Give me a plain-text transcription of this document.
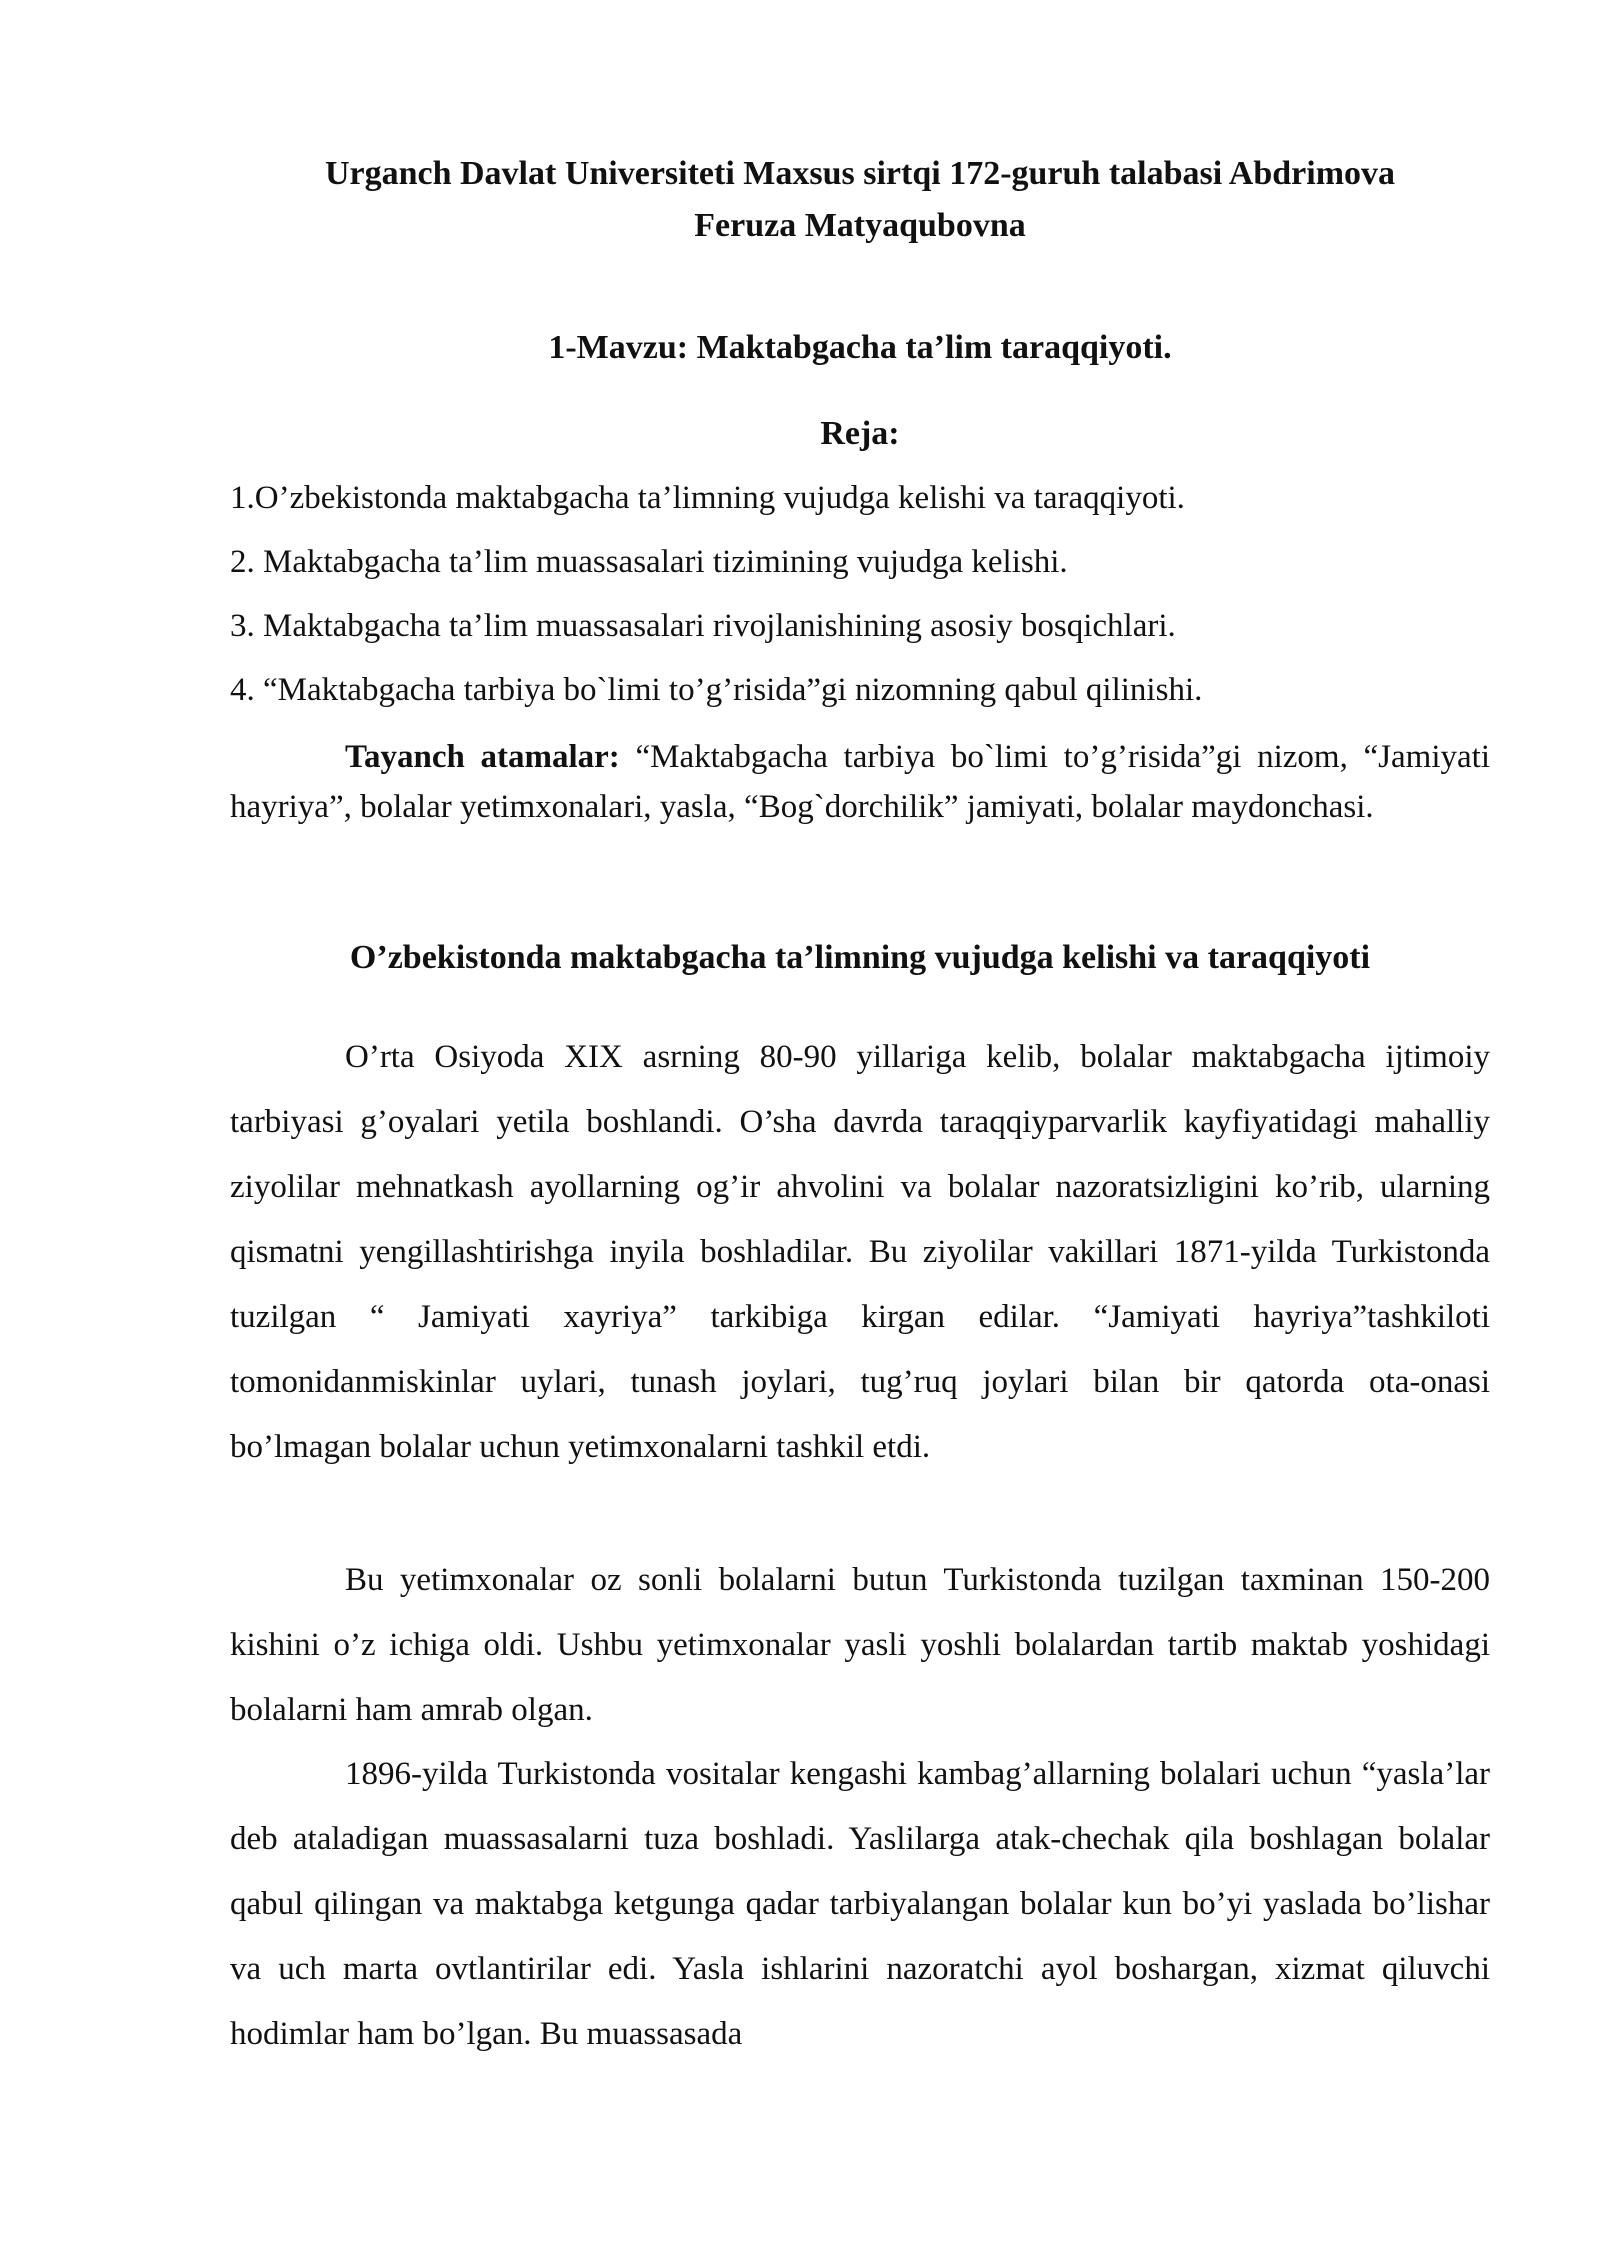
Urganch Davlat Universiteti Maxsus sirtqi 172-guruh talabasi Abdrimova
Feruza Matyaqubovna
1-Mavzu: Maktabgacha ta’lim taraqqiyoti.
Reja:
1.O’zbekistonda maktabgacha ta’limning vujudga kelishi va taraqqiyoti.
2. Maktabgacha ta’lim muassasalari tizimining vujudga kelishi.
3. Maktabgacha ta’lim muassasalari rivojlanishining asosiy bosqichlari.
4. “Maktabgacha tarbiya bo`limi to’g’risida”gi nizomning qabul qilinishi.

Tayanch atamalar: “Maktabgacha tarbiya bo`limi to’g’risida”gi nizom, “Jamiyati hayriya”, bolalar yetimxonalari, yasla, “Bog`dorchilik” jamiyati, bolalar maydonchasi.

O’zbekistonda maktabgacha ta’limning vujudga kelishi va taraqqiyoti

O’rta Osiyoda XIX asrning 80-90 yillariga kelib, bolalar maktabgacha ijtimoiy tarbiyasi g’oyalari yetila boshlandi. O’sha davrda taraqqiyparvarlik kayfiyatidagi mahalliy ziyolilar mehnatkash ayollarning og’ir ahvolini va bolalar nazoratsizligini ko’rib, ularning qismatni yengillashtirishga inyila boshladilar. Bu ziyolilar vakillari 1871-yilda Turkistonda tuzilgan “ Jamiyati xayriya” tarkibiga kirgan edilar. “Jamiyati hayriya”tashkiloti tomonidanmiskinlar uylari, tunash joylari, tug’ruq joylari bilan bir qatorda ota-onasi bo’lmagan bolalar uchun yetimxonalarni tashkil etdi.

Bu yetimxonalar oz sonli bolalarni butun Turkistonda tuzilgan taxminan 150-200 kishini o’z ichiga oldi. Ushbu yetimxonalar yasli yoshli bolalardan tartib maktab yoshidagi bolalarni ham amrab olgan.

1896-yilda Turkistonda vositalar kengashi kambag’allarning bolalari uchun “yasla’lar deb ataladigan muassasalarni tuza boshladi. Yaslilarga atak-chechak qila boshlagan bolalar qabul qilingan va maktabga ketgunga qadar tarbiyalangan bolalar kun bo’yi yaslada bo’lishar va uch marta ovtlantirilar edi. Yasla ishlarini nazoratchi ayol boshargan, xizmat qiluvchi hodimlar ham bo’lgan. Bu muassasada
